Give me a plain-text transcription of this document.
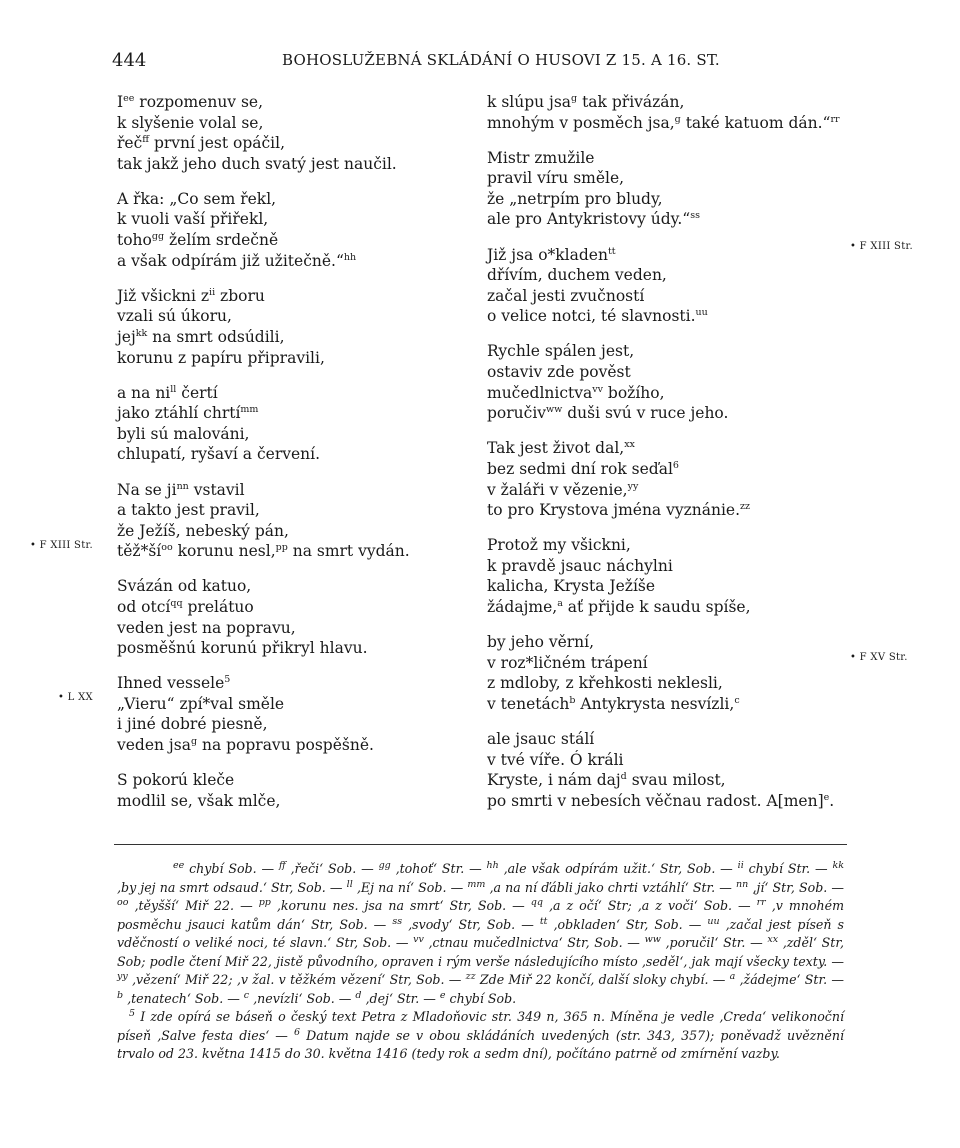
444	BOHOSLUŽEBNÁ SKLÁDÁNÍ O HUSOVI Z 15. A 16. ST.
$I^{ee}$ rozpomenuv se,
k slyšenie volal se,
řeč$^{ff}$ první jest opáčil,
tak jakž jeho duch svatý jest naučil.
A řka: „Co sem řekl,
k vuoli vaší přiřekl,
toho$^{gg}$ želím srdečně
a však odpírám již užitečně.“$^{hh}$
Již všickni $z^{ii}$ zboru
vzali sú úkoru,
jej$^{kk}$ na smrt odsúdili,
korunu z papíru připravili,
a na $ni^{ll}$ čertí
jako ztáhlí chrtí$^{mm}$
byli sú malováni,
chlupatí, ryšaví a červení.
Na se $ji^{nn}$ vstavil
a takto jest pravil,
že Ježíš, nebeský pán,
$těž*ší^{oo}$ korunu nesl,$^{pp}$ na smrt vydán.
Svázán od katuo,
od otcí$^{qq}$ prelátuo
veden jest na popravu,
posměšnú korunú přikryl hlavu.
Ihned vessele$^5$
„Vieru“ zpí*val směle
i jiné dobré piesně,
veden jsa$^g$ na popravu pospěšně.
S pokorú kleče
modlil se, však mlče,
k slúpu jsa$^g$ tak přivázán,
mnohým v posměch jsa,$^g$ také katuom dán.“$^{rr}$
Mistr zmužile
pravil víru směle,
že „netrpím pro bludy,
ale pro Antykristovy údy.“$^{ss}$
Již jsa o*kladen$^{tt}$
dřívím, duchem veden,
začal jesti zvučností
o velice notci, té slavnosti.$^{uu}$
Rychle spálen jest,
ostaviv zde pověst
mučedlnictva$^{vv}$ božího,
poručiv$^{ww}$ duši svú v ruce jeho.
Tak jest život dal,$^{xx}$
bez sedmi dní rok seďal$^6$
v žaláři v vězenie,$^{yy}$
to pro Krystova jména vyznánie.$^{zz}$
Protož my všickni,
k pravdě jsauc náchylni
kalicha, Krysta Ježíše
žádajme,$^a$ ať přijde k saudu spíše,
by jeho věrní,
v roz*ličném trápení
z mdloby, z křehkosti neklesli,
v tenetách$^b$ Antykrysta nesvízli,$^c$
ale jsauc stálí
v tvé víře. Ó králi
Kryste, i nám daj$^d$ svau milost,
po smrti v nebesích věčnau radost. A[men]$^e$.
• F XIII Str.
• L XX
• F XIII Str.
• F XV Str.

$^{ee}$ chybí Sob. — $^{ff}$ ‚řeči‘ Sob. — $^{gg}$ ‚tohoť‘ Str. — $^{hh}$ ‚ale však odpírám užit.‘ Str, Sob. — $^{ii}$ chybí Str. — $^{kk}$ ‚by jej na smrt odsaud.‘ Str, Sob. — $^{ll}$ ‚Ej na ní‘ Sob. — $^{mm}$ ‚a na ní ďábli jako chrti vztáhlí‘ Str. — $^{nn}$ ‚jí‘ Str, Sob. — $^{oo}$ ‚těyšší‘ Miř 22. — $^{pp}$ ‚korunu nes. jsa na smrt‘ Str, Sob. — $^{qq}$ ‚a z očí‘ Str; ‚a z voči‘ Sob. — $^{rr}$ ‚v mnohém posměchu jsauci katům dán‘ Str, Sob. — $^{ss}$ ‚svody‘ Str, Sob. — $^{tt}$ ‚obkladen‘ Str, Sob. — $^{uu}$ ‚začal jest píseň s vděčností o veliké noci, té slavn.‘ Str, Sob. — $^{vv}$ ‚ctnau mučedlnictva‘ Str, Sob. — $^{ww}$ ‚poručil‘ Str. — $^{xx}$ ‚zděl‘ Str, Sob; podle čtení Miř 22, jistě původního, opraven i rým verše následujícího místo ‚seděl‘, jak mají všecky texty. — $^{yy}$ ‚vězení‘ Miř 22; ‚v žal. v těžkém vězení‘ Str, Sob. — $^{zz}$ Zde Miř 22 končí, další sloky chybí. — $^a$ ‚žádejme‘ Str. — $^b$ ‚tenatech‘ Sob. — $^c$ ‚nevízli‘ Sob. — $^d$ ‚dej‘ Str. — $^e$ chybí Sob.

$^5$ I zde opírá se báseň o český text Petra z Mladoňovic str. 349 n, 365 n. Míněna je vedle ‚Creda‘ velikonoční píseň ‚Salve festa dies‘ — $^6$ Datum najde se v obou skládáních uvedených (str. 343, 357); poněvadž uvěznění trvalo od 23. května 1415 do 30. května 1416 (tedy rok a sedm dní), počítáno patrně od zmírnění vazby.
